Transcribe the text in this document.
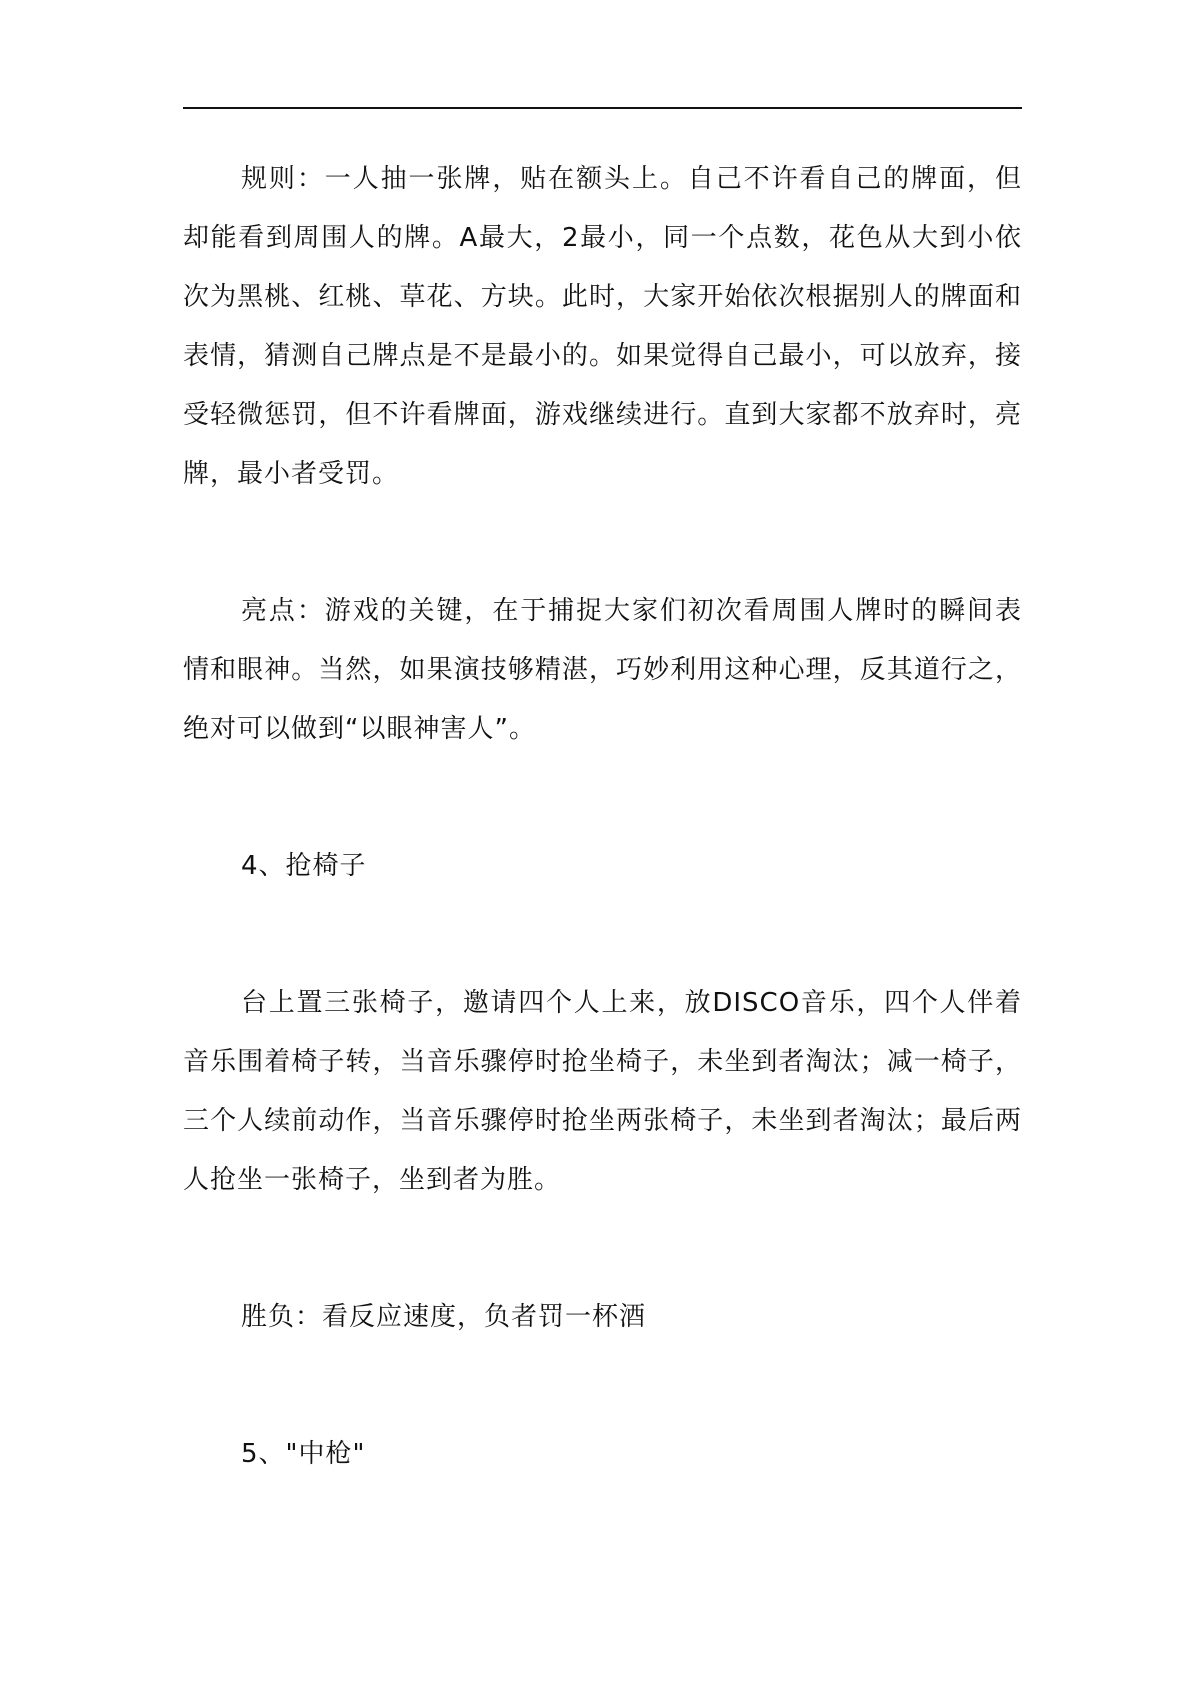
规则：一人抽一张牌，贴在额头上。自己不许看自己的牌面，但却能看到周围人的牌。A最大，2最小，同一个点数，花色从大到小依次为黑桃、红桃、草花、方块。此时，大家开始依次根据别人的牌面和表情，猜测自己牌点是不是最小的。如果觉得自己最小，可以放弃，接受轻微惩罚，但不许看牌面，游戏继续进行。直到大家都不放弃时，亮牌，最小者受罚。

亮点：游戏的关键，在于捕捉大家们初次看周围人牌时的瞬间表情和眼神。当然，如果演技够精湛，巧妙利用这种心理，反其道行之，绝对可以做到“以眼神害人”。

4、抢椅子

台上置三张椅子，邀请四个人上来，放DISCO音乐，四个人伴着音乐围着椅子转，当音乐骤停时抢坐椅子，未坐到者淘汰；减一椅子，三个人续前动作，当音乐骤停时抢坐两张椅子，未坐到者淘汰；最后两人抢坐一张椅子，坐到者为胜。

胜负：看反应速度，负者罚一杯酒

5、"中枪"
